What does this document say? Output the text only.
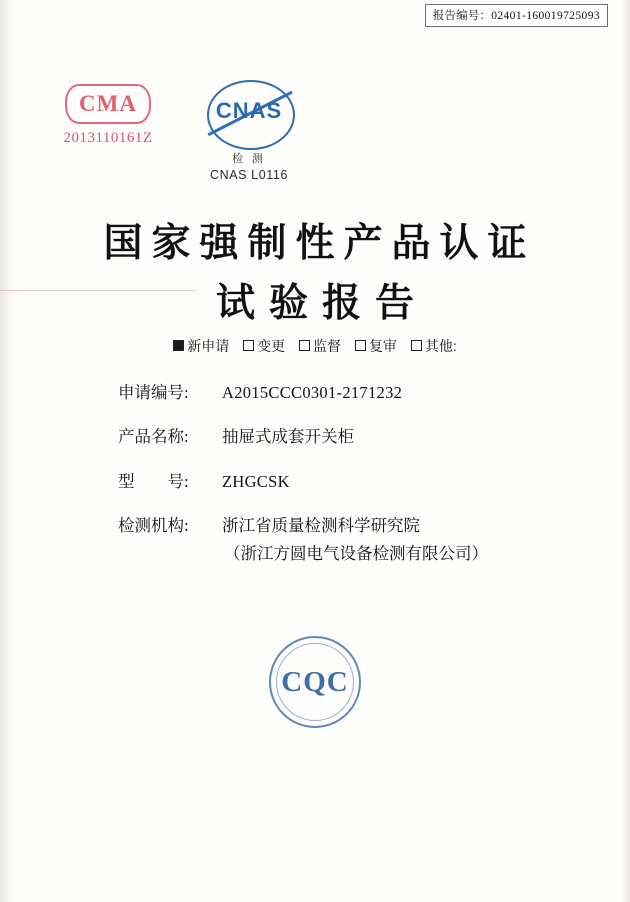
报告编号：02401-160019725093
CMA
2013110161Z
CNAS
检 测
CNAS L0116
国家强制性产品认证
试验报告
新申请 变更 监督 复审 其他:
申请编号:	A2015CCC0301-2171232
产品名称:	抽屉式成套开关柜
型　　号:	ZHGCSK
检测机构:	浙江省质量检测科学研究院
（浙江方圆电气设备检测有限公司）
CQC
